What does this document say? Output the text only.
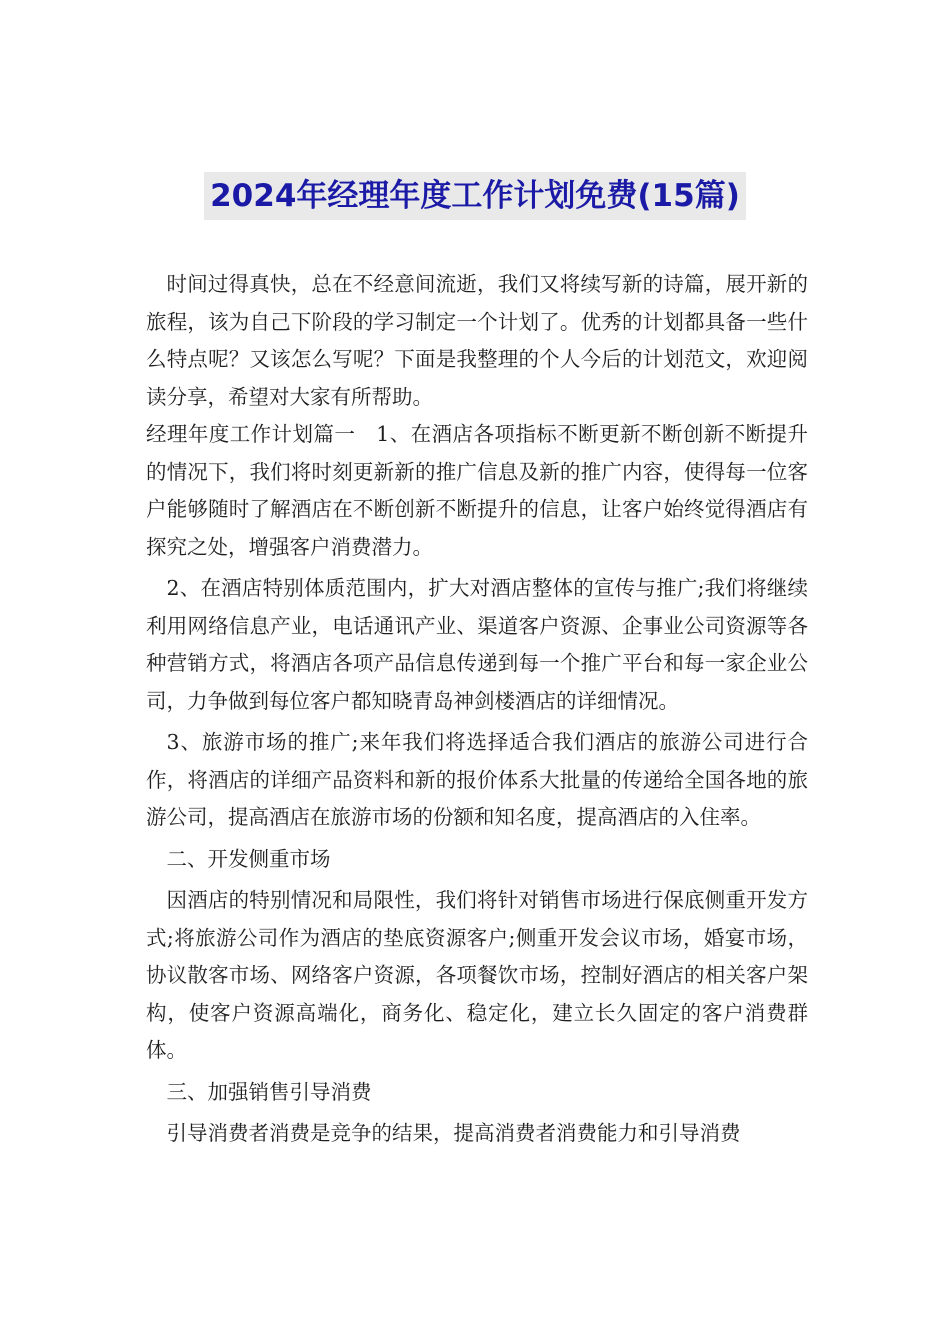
2024年经理年度工作计划免费(15篇)

时间过得真快，总在不经意间流逝，我们又将续写新的诗篇，展开新的旅程，该为自己下阶段的学习制定一个计划了。优秀的计划都具备一些什么特点呢？又该怎么写呢？下面是我整理的个人今后的计划范文，欢迎阅读分享，希望对大家有所帮助。

经理年度工作计划篇一　1、在酒店各项指标不断更新不断创新不断提升的情况下，我们将时刻更新新的推广信息及新的推广内容，使得每一位客户能够随时了解酒店在不断创新不断提升的信息，让客户始终觉得酒店有探究之处，增强客户消费潜力。

2、在酒店特别体质范围内，扩大对酒店整体的宣传与推广;我们将继续利用网络信息产业，电话通讯产业、渠道客户资源、企事业公司资源等各种营销方式，将酒店各项产品信息传递到每一个推广平台和每一家企业公司，力争做到每位客户都知晓青岛神剑楼酒店的详细情况。

3、旅游市场的推广;来年我们将选择适合我们酒店的旅游公司进行合作，将酒店的详细产品资料和新的报价体系大批量的传递给全国各地的旅游公司，提高酒店在旅游市场的份额和知名度，提高酒店的入住率。

二、开发侧重市场

因酒店的特别情况和局限性，我们将针对销售市场进行保底侧重开发方式;将旅游公司作为酒店的垫底资源客户;侧重开发会议市场，婚宴市场，协议散客市场、网络客户资源，各项餐饮市场，控制好酒店的相关客户架构，使客户资源高端化，商务化、稳定化，建立长久固定的客户消费群体。

三、加强销售引导消费

引导消费者消费是竞争的结果，提高消费者消费能力和引导消费
